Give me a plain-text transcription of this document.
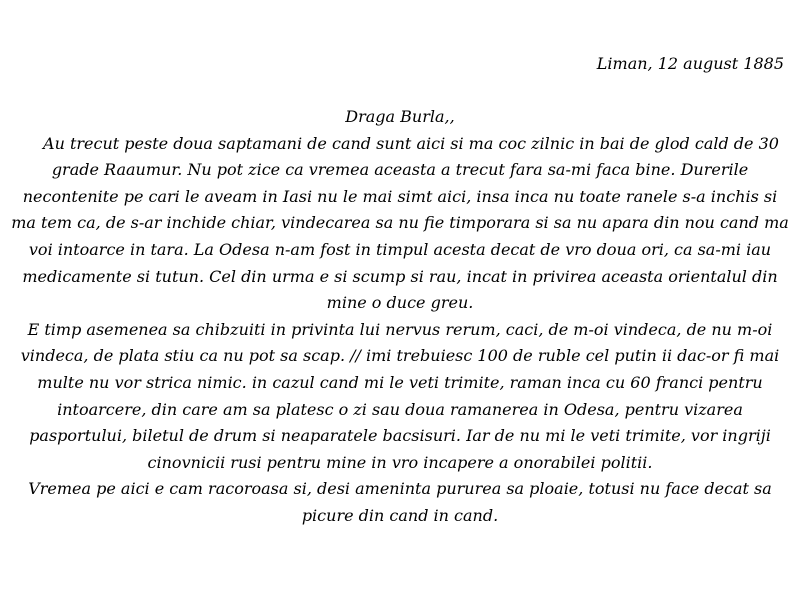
Liman, 12 august 1885

Draga Burla,,

Au trecut peste doua saptamani de cand sunt aici si ma coc zilnic in bai de glod cald de 30 grade Raaumur. Nu pot zice ca vremea aceasta a trecut fara sa-mi faca bine. Durerile necontenite pe cari le aveam in Iasi nu le mai simt aici, insa inca nu toate ranele s-a inchis si ma tem ca, de s-ar inchide chiar, vindecarea sa nu fie timporara si sa nu apara din nou cand ma voi intoarce in tara. La Odesa n-am fost in timpul acesta decat de vro doua ori, ca sa-mi iau medicamente si tutun. Cel din urma e si scump si rau, incat in privirea aceasta orientalul din mine o duce greu.

E timp asemenea sa chibzuiti in privinta lui nervus rerum, caci, de m-oi vindeca, de nu m-oi vindeca, de plata stiu ca nu pot sa scap. // imi trebuiesc 100 de ruble cel putin ii dac-or fi mai multe nu vor strica nimic. in cazul cand mi le veti trimite, raman inca cu 60 franci pentru intoarcere, din care am sa platesc o zi sau doua ramanerea in Odesa, pentru vizarea pasportului, biletul de drum si neaparatele bacsisuri. Iar de nu mi le veti trimite, vor ingriji cinovnicii rusi pentru mine in vro incapere a onorabilei politii.

Vremea pe aici e cam racoroasa si, desi amenintа pururea sa ploaie, totusi nu face decat sa picure din cand in cand.
